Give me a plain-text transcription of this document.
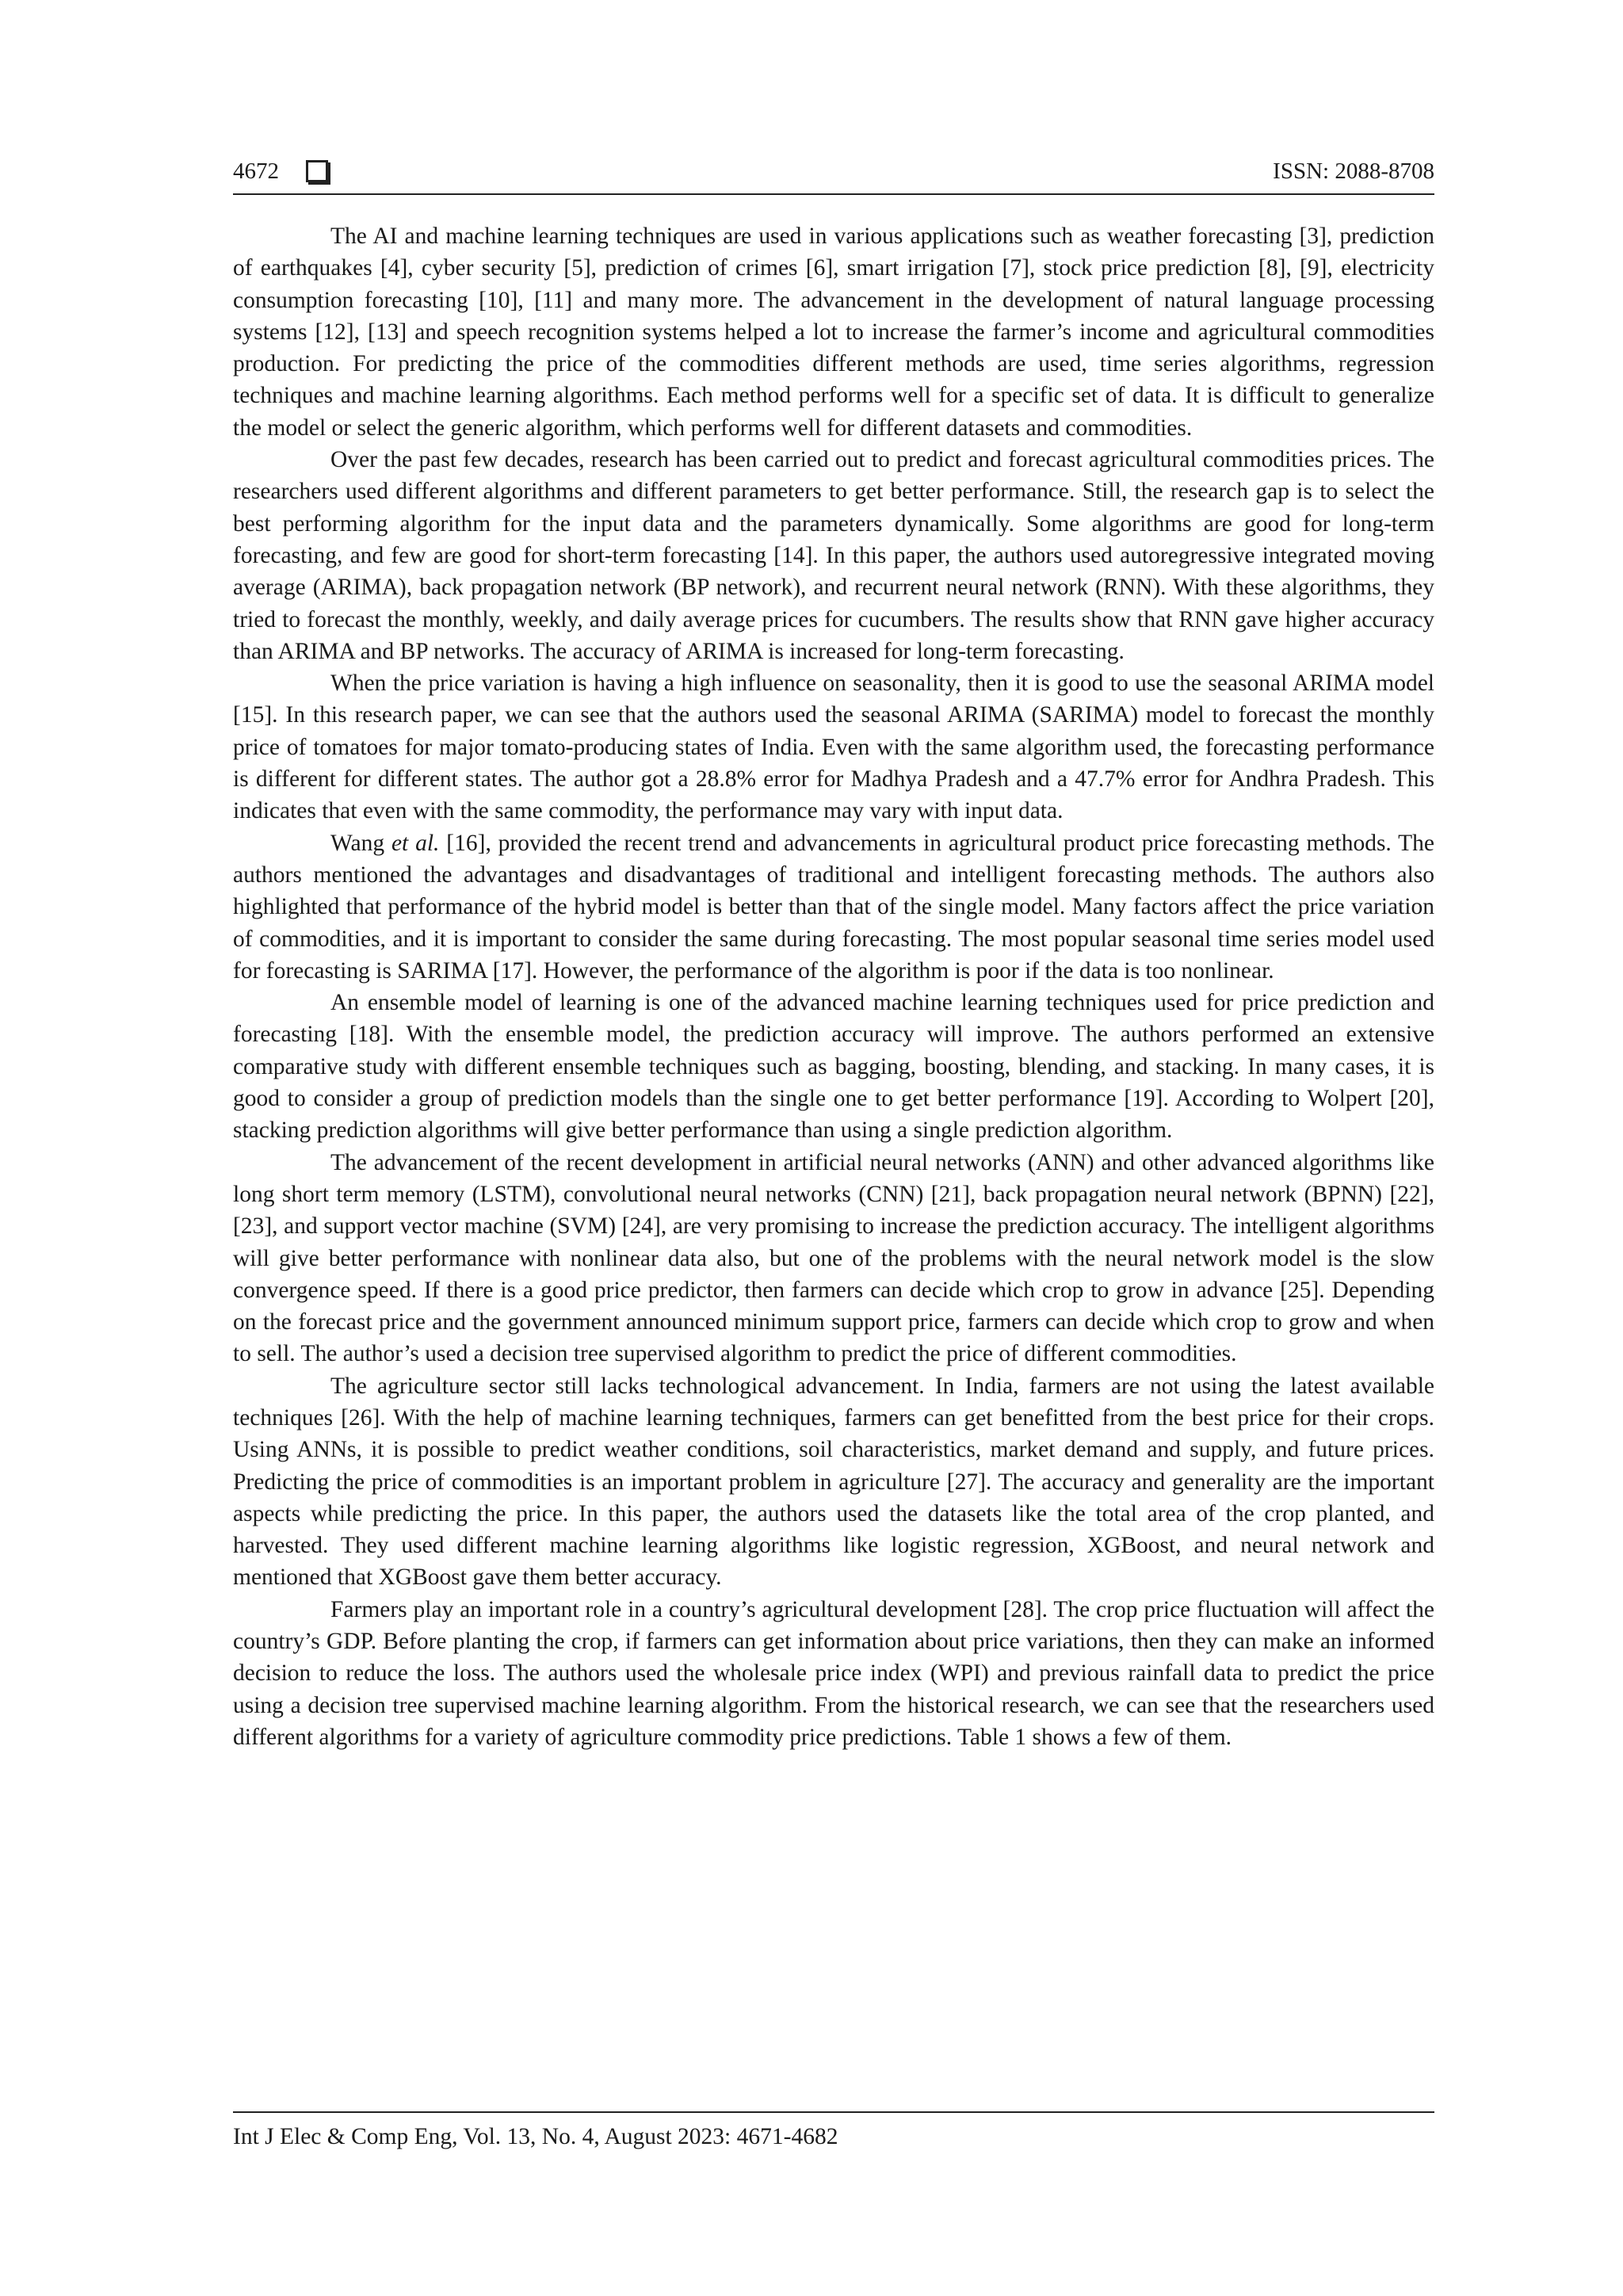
4672	ISSN: 2088-8708

The AI and machine learning techniques are used in various applications such as weather forecasting [3], prediction of earthquakes [4], cyber security [5], prediction of crimes [6], smart irrigation [7], stock price prediction [8], [9], electricity consumption forecasting [10], [11] and many more. The advancement in the development of natural language processing systems [12], [13] and speech recognition systems helped a lot to increase the farmer’s income and agricultural commodities production. For predicting the price of the commodities different methods are used, time series algorithms, regression techniques and machine learning algorithms. Each method performs well for a specific set of data. It is difficult to generalize the model or select the generic algorithm, which performs well for different datasets and commodities.

Over the past few decades, research has been carried out to predict and forecast agricultural commodities prices. The researchers used different algorithms and different parameters to get better performance. Still, the research gap is to select the best performing algorithm for the input data and the parameters dynamically. Some algorithms are good for long-term forecasting, and few are good for short-term forecasting [14]. In this paper, the authors used autoregressive integrated moving average (ARIMA), back propagation network (BP network), and recurrent neural network (RNN). With these algorithms, they tried to forecast the monthly, weekly, and daily average prices for cucumbers. The results show that RNN gave higher accuracy than ARIMA and BP networks. The accuracy of ARIMA is increased for long-term forecasting.

When the price variation is having a high influence on seasonality, then it is good to use the seasonal ARIMA model [15]. In this research paper, we can see that the authors used the seasonal ARIMA (SARIMA) model to forecast the monthly price of tomatoes for major tomato-producing states of India. Even with the same algorithm used, the forecasting performance is different for different states. The author got a 28.8% error for Madhya Pradesh and a 47.7% error for Andhra Pradesh. This indicates that even with the same commodity, the performance may vary with input data.

Wang et al. [16], provided the recent trend and advancements in agricultural product price forecasting methods. The authors mentioned the advantages and disadvantages of traditional and intelligent forecasting methods. The authors also highlighted that performance of the hybrid model is better than that of the single model. Many factors affect the price variation of commodities, and it is important to consider the same during forecasting. The most popular seasonal time series model used for forecasting is SARIMA [17]. However, the performance of the algorithm is poor if the data is too nonlinear.

An ensemble model of learning is one of the advanced machine learning techniques used for price prediction and forecasting [18]. With the ensemble model, the prediction accuracy will improve. The authors performed an extensive comparative study with different ensemble techniques such as bagging, boosting, blending, and stacking. In many cases, it is good to consider a group of prediction models than the single one to get better performance [19]. According to Wolpert [20], stacking prediction algorithms will give better performance than using a single prediction algorithm.

The advancement of the recent development in artificial neural networks (ANN) and other advanced algorithms like long short term memory (LSTM), convolutional neural networks (CNN) [21], back propagation neural network (BPNN) [22], [23], and support vector machine (SVM) [24], are very promising to increase the prediction accuracy. The intelligent algorithms will give better performance with nonlinear data also, but one of the problems with the neural network model is the slow convergence speed. If there is a good price predictor, then farmers can decide which crop to grow in advance [25]. Depending on the forecast price and the government announced minimum support price, farmers can decide which crop to grow and when to sell. The author’s used a decision tree supervised algorithm to predict the price of different commodities.

The agriculture sector still lacks technological advancement. In India, farmers are not using the latest available techniques [26]. With the help of machine learning techniques, farmers can get benefitted from the best price for their crops. Using ANNs, it is possible to predict weather conditions, soil characteristics, market demand and supply, and future prices. Predicting the price of commodities is an important problem in agriculture [27]. The accuracy and generality are the important aspects while predicting the price. In this paper, the authors used the datasets like the total area of the crop planted, and harvested. They used different machine learning algorithms like logistic regression, XGBoost, and neural network and mentioned that XGBoost gave them better accuracy.

Farmers play an important role in a country’s agricultural development [28]. The crop price fluctuation will affect the country’s GDP. Before planting the crop, if farmers can get information about price variations, then they can make an informed decision to reduce the loss. The authors used the wholesale price index (WPI) and previous rainfall data to predict the price using a decision tree supervised machine learning algorithm. From the historical research, we can see that the researchers used different algorithms for a variety of agriculture commodity price predictions. Table 1 shows a few of them.

Int J Elec & Comp Eng, Vol. 13, No. 4, August 2023: 4671-4682
